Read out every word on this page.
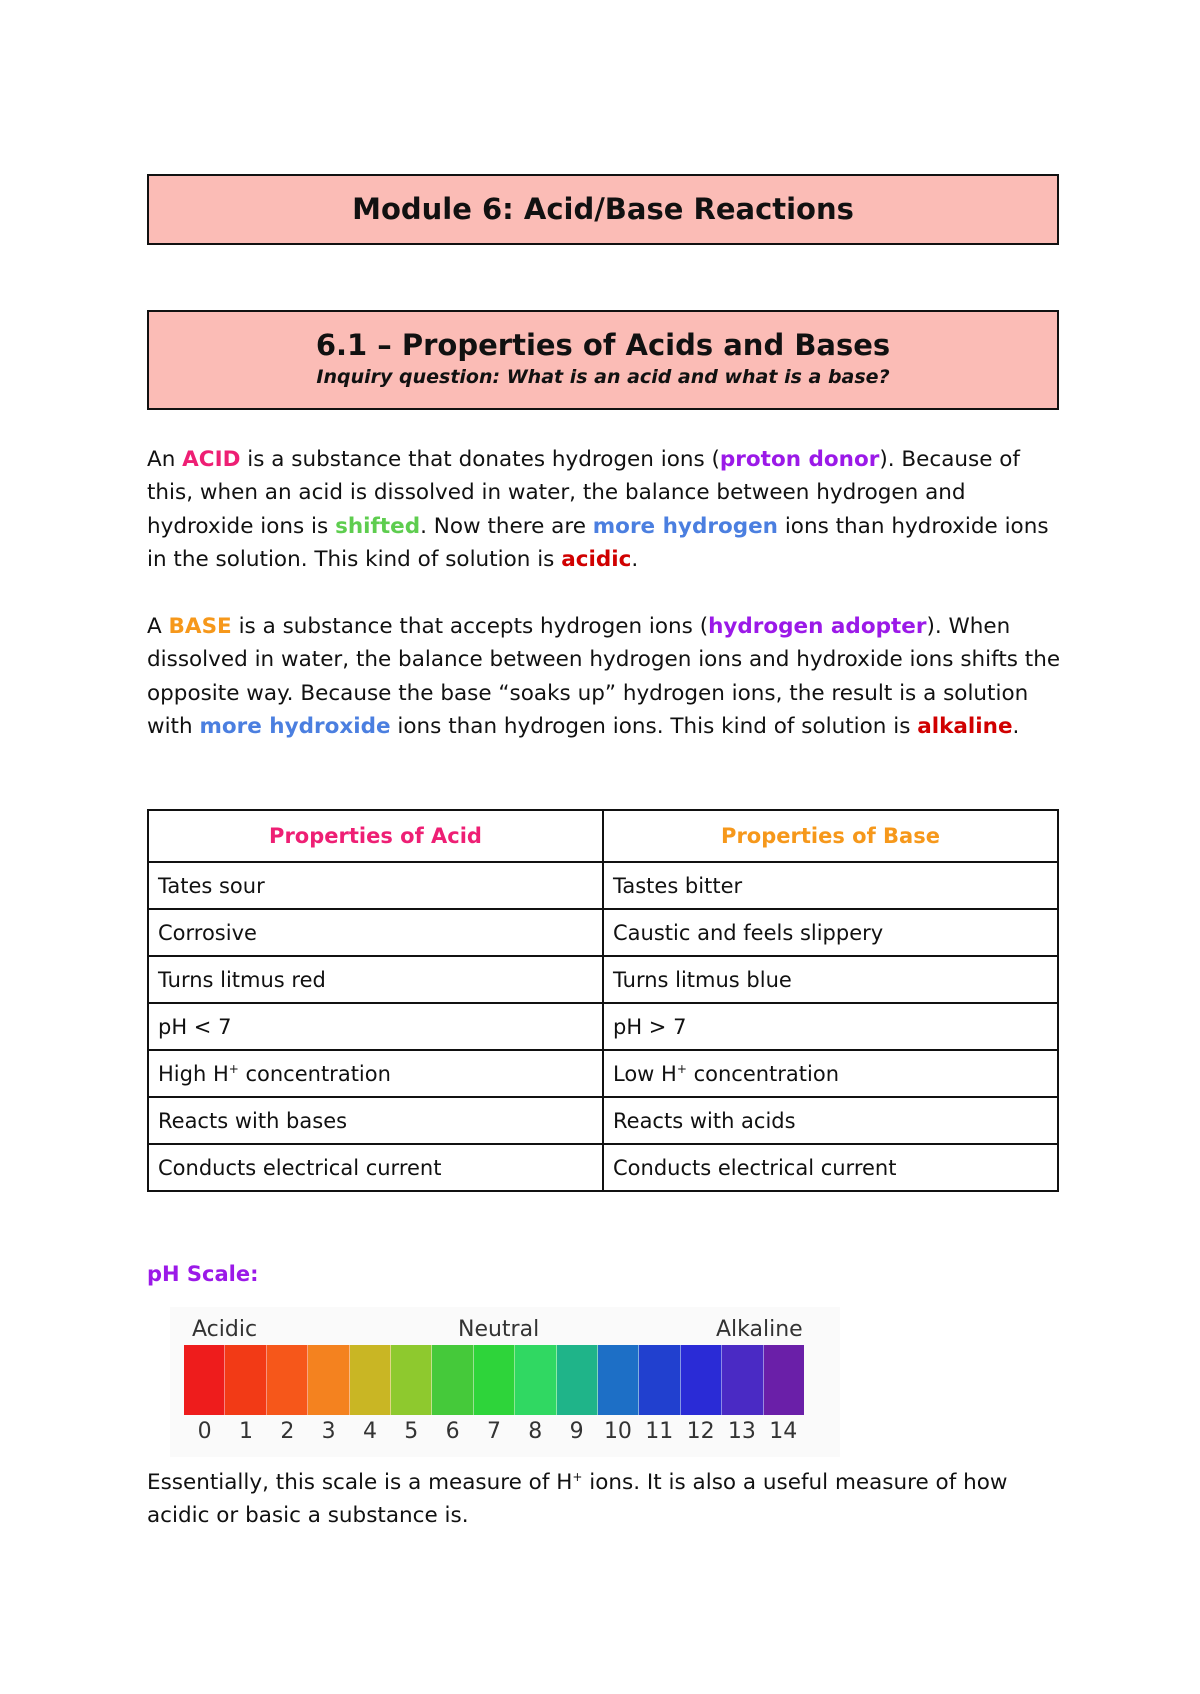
Module 6: Acid/Base Reactions
6.1 – Properties of Acids and Bases
Inquiry question: What is an acid and what is a base?

An ACID is a substance that donates hydrogen ions (proton donor). Because of this, when an acid is dissolved in water, the balance between hydrogen and hydroxide ions is shifted. Now there are more hydrogen ions than hydroxide ions in the solution. This kind of solution is acidic.

A BASE is a substance that accepts hydrogen ions (hydrogen adopter). When dissolved in water, the balance between hydrogen ions and hydroxide ions shifts the opposite way. Because the base “soaks up” hydrogen ions, the result is a solution with more hydroxide ions than hydrogen ions. This kind of solution is alkaline.

Properties of Acid	Properties of Base
Tates sour	Tastes bitter
Corrosive	Caustic and feels slippery
Turns litmus red	Turns litmus blue
pH < 7	pH > 7
High H+ concentration	Low H+ concentration
Reacts with bases	Reacts with acids
Conducts electrical current	Conducts electrical current

pH Scale:

Acidic	Neutral	Alkaline
0	1	2	3	4	5	6	7	8	9 10 11 12 13 14

Essentially, this scale is a measure of H+ ions. It is also a useful measure of how acidic or basic a substance is.
